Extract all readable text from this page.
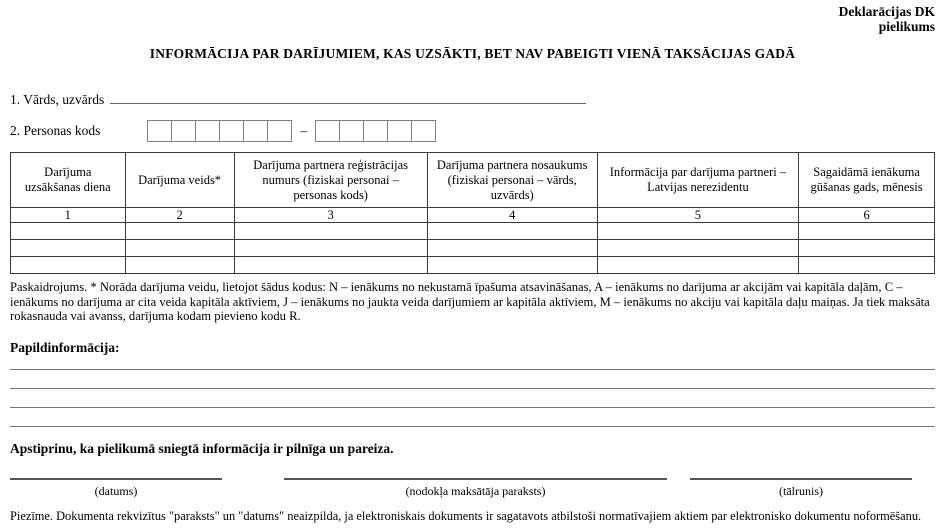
Deklarācijas DK
pielikums
INFORMĀCIJA PAR DARĪJUMIEM, KAS UZSĀKTI, BET NAV PABEIGTI VIENĀ TAKSĀCIJAS GADĀ
1. Vārds, uzvārds
2. Personas kods	–
Darījuma uzsākšanas diena	Darījuma veids*	Darījuma partnera reģistrācijas numurs (fiziskai personai – personas kods)	Darījuma partnera nosaukums (fiziskai personai – vārds, uzvārds)	Informācija par darījuma partneri – Latvijas nerezidentu	Sagaidāmā ienākuma gūšanas gads, mēnesis
1	2	3	4	5	6

Paskaidrojums. * Norāda darījuma veidu, lietojot šādus kodus: N – ienākums no nekustamā īpašuma atsavināšanas, A – ienākums no darījuma ar akcijām vai kapitāla daļām, C – ienākums no darījuma ar cita veida kapitāla aktīviem, J – ienākums no jaukta veida darījumiem ar kapitāla aktīviem, M – ienākums no akciju vai kapitāla daļu maiņas. Ja tiek maksāta rokasnauda vai avanss, darījuma kodam pievieno kodu R.
Papildinformācija:
Apstiprinu, ka pielikumā sniegtā informācija ir pilnīga un pareiza.
(datums)	(nodokļa maksātāja paraksts)	(tālrunis)
Piezīme. Dokumenta rekvizītus "paraksts" un "datums" neaizpilda, ja elektroniskais dokuments ir sagatavots atbilstoši normatīvajiem aktiem par elektronisko dokumentu noformēšanu.
